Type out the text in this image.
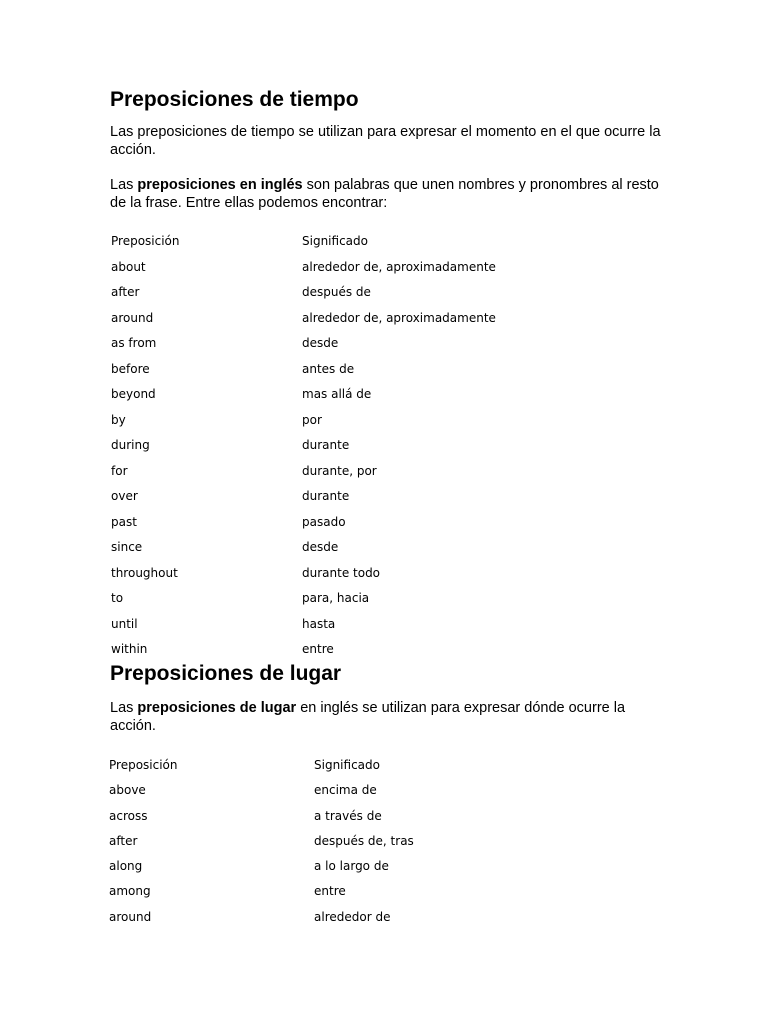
Preposiciones de tiempo

Las preposiciones de tiempo se utilizan para expresar el momento en el que ocurre la acción.

Las preposiciones en inglés son palabras que unen nombres y pronombres al resto de la frase. Entre ellas podemos encontrar:

Preposición	Significado
about	alrededor de, aproximadamente
after	después de
around	alrededor de, aproximadamente
as from	desde
before	antes de
beyond	mas allá de
by	por
during	durante
for	durante, por
over	durante
past	pasado
since	desde
throughout	durante todo
to	para, hacia
until	hasta
within	entre
Preposiciones de lugar

Las preposiciones de lugar en inglés se utilizan para expresar dónde ocurre la acción.

Preposición	Significado
above	encima de
across	a través de
after	después de, tras
along	a lo largo de
among	entre
around	alrededor de
